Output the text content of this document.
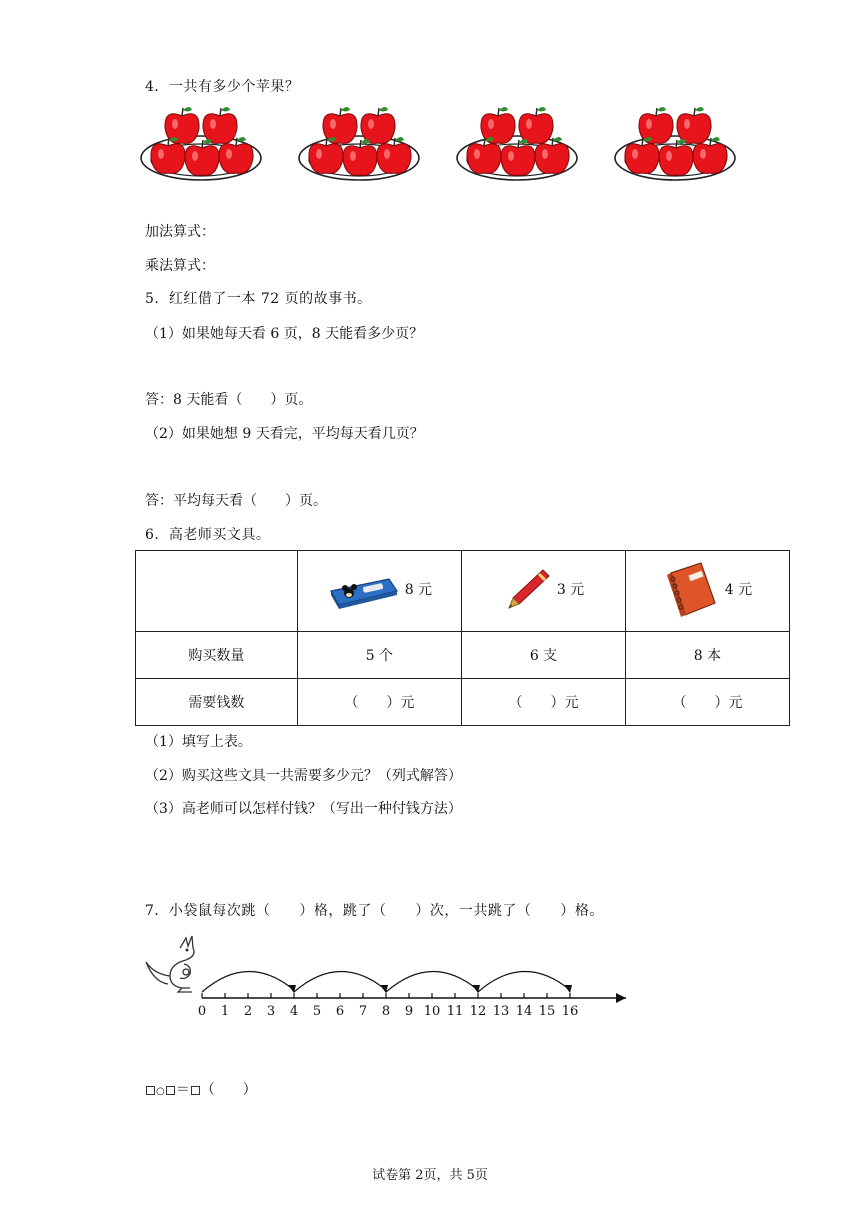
4．一共有多少个苹果？
加法算式：
乘法算式：
5．红红借了一本 72 页的故事书。
（1）如果她每天看 6 页，8 天能看多少页？
答：8 天能看（　　）页。
（2）如果她想 9 天看完，平均每天看几页？
答：平均每天看（　　）页。
6．高老师买文具。

	8 元	3 元	4 元

购买数量	5 个	6 支	8 本
需要钱数	（　　）元	（　　）元	（　　）元
（1）填写上表。
（2）购买这些文具一共需要多少元？（列式解答）
（3）高老师可以怎样付钱？（写出一种付钱方法）
7．小袋鼠每次跳（　　）格，跳了（　　）次，一共跳了（　　）格。
0 1 2 3 4 5 6 7 8 9 10 11 12 13 14 15 16
○ ＝ （　　）
试卷第 2页，共 5页
